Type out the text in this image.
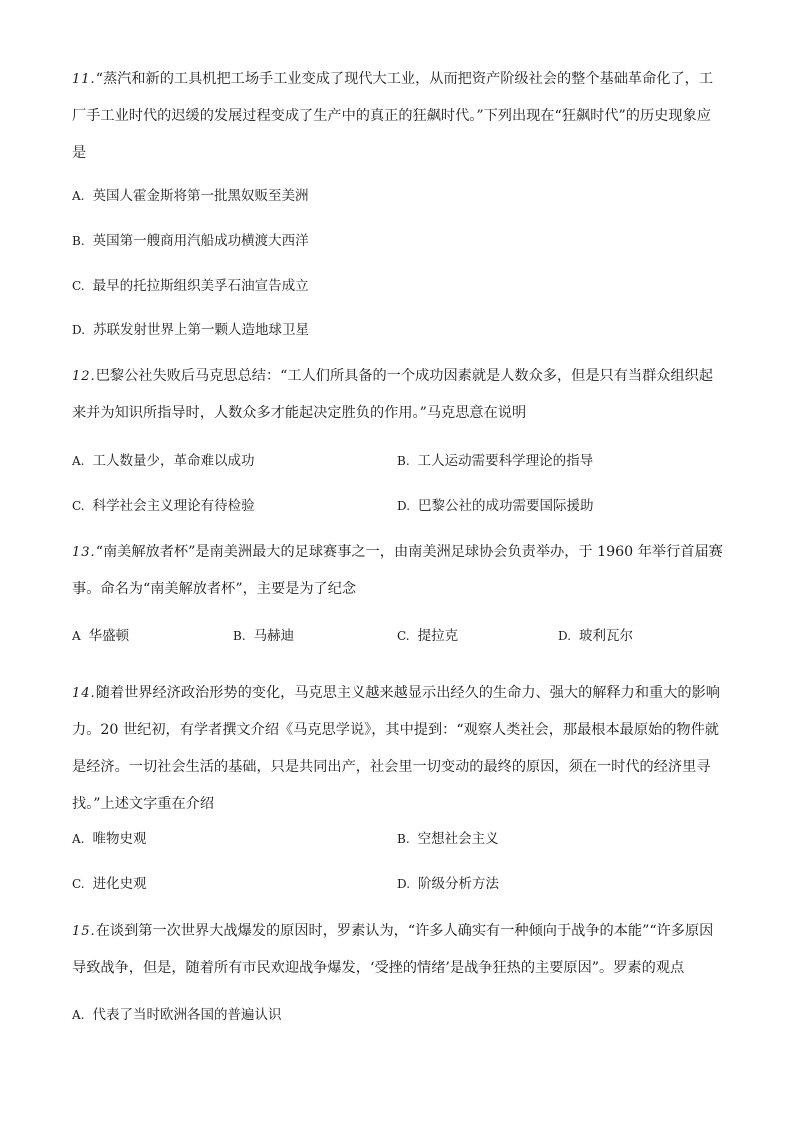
11.“蒸汽和新的工具机把工场手工业变成了现代大工业，从而把资产阶级社会的整个基础革命化了，工厂手工业时代的迟缓的发展过程变成了生产中的真正的狂飙时代。”下列出现在“狂飙时代”的历史现象应是

A. 英国人霍金斯将第一批黑奴贩至美洲
B. 英国第一艘商用汽船成功横渡大西洋
C. 最早的托拉斯组织美孚石油宣告成立
D. 苏联发射世界上第一颗人造地球卫星

12.巴黎公社失败后马克思总结：“工人们所具备的一个成功因素就是人数众多，但是只有当群众组织起来并为知识所指导时，人数众多才能起决定胜负的作用。”马克思意在说明

A. 工人数量少，革命难以成功	B. 工人运动需要科学理论的指导
C. 科学社会主义理论有待检验	D. 巴黎公社的成功需要国际援助

13.“南美解放者杯”是南美洲最大的足球赛事之一，由南美洲足球协会负责举办，于 1960 年举行首届赛事。命名为“南美解放者杯”，主要是为了纪念

A 华盛顿	B. 马赫迪	C. 提拉克	D. 玻利瓦尔

14.随着世界经济政治形势的变化，马克思主义越来越显示出经久的生命力、强大的解释力和重大的影响力。20 世纪初，有学者撰文介绍《马克思学说》，其中提到：“观察人类社会，那最根本最原始的物件就是经济。一切社会生活的基础，只是共同出产，社会里一切变动的最终的原因，须在一时代的经济里寻找。”上述文字重在介绍

A. 唯物史观	B. 空想社会主义
C. 进化史观	D. 阶级分析方法

15.在谈到第一次世界大战爆发的原因时，罗素认为，“许多人确实有一种倾向于战争的本能”“许多原因导致战争，但是，随着所有市民欢迎战争爆发，‘受挫的情绪’是战争狂热的主要原因”。罗素的观点

A. 代表了当时欧洲各国的普遍认识
